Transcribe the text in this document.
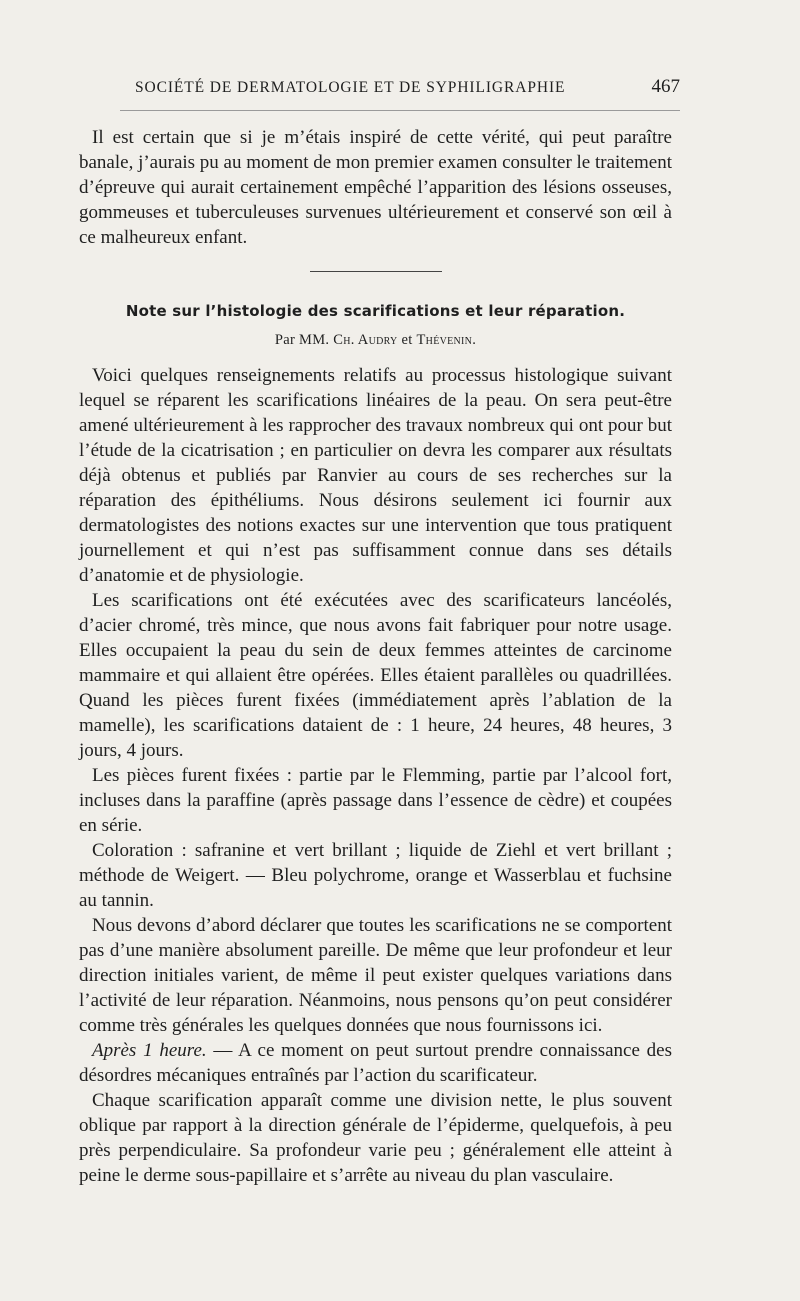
SOCIÉTÉ DE DERMATOLOGIE ET DE SYPHILIGRAPHIE	467

Il est certain que si je m’étais inspiré de cette vérité, qui peut paraître banale, j’aurais pu au moment de mon premier examen consulter le traitement d’épreuve qui aurait certainement empêché l’apparition des lésions osseuses, gommeuses et tuberculeuses survenues ultérieurement et conservé son œil à ce malheureux enfant.

Note sur l’histologie des scarifications et leur réparation.
Par MM. Ch. Audry et Thévenin.

Voici quelques renseignements relatifs au processus histologique suivant lequel se réparent les scarifications linéaires de la peau. On sera peut-être amené ultérieurement à les rapprocher des travaux nombreux qui ont pour but l’étude de la cicatrisation ; en particulier on devra les comparer aux résultats déjà obtenus et publiés par Ranvier au cours de ses recherches sur la réparation des épithéliums. Nous désirons seulement ici fournir aux dermatologistes des notions exactes sur une intervention que tous pratiquent journellement et qui n’est pas suffisamment connue dans ses détails d’anatomie et de physiologie.

Les scarifications ont été exécutées avec des scarificateurs lancéolés, d’acier chromé, très mince, que nous avons fait fabriquer pour notre usage. Elles occupaient la peau du sein de deux femmes atteintes de carcinome mammaire et qui allaient être opérées. Elles étaient parallèles ou quadrillées. Quand les pièces furent fixées (immédiatement après l’ablation de la mamelle), les scarifications dataient de : 1 heure, 24 heures, 48 heures, 3 jours, 4 jours.

Les pièces furent fixées : partie par le Flemming, partie par l’alcool fort, incluses dans la paraffine (après passage dans l’essence de cèdre) et coupées en série.

Coloration : safranine et vert brillant ; liquide de Ziehl et vert brillant ; méthode de Weigert. — Bleu polychrome, orange et Wasserblau et fuchsine au tannin.

Nous devons d’abord déclarer que toutes les scarifications ne se comportent pas d’une manière absolument pareille. De même que leur profondeur et leur direction initiales varient, de même il peut exister quelques variations dans l’activité de leur réparation. Néanmoins, nous pensons qu’on peut considérer comme très générales les quelques données que nous fournissons ici.

Après 1 heure. — A ce moment on peut surtout prendre connaissance des désordres mécaniques entraînés par l’action du scarificateur.

Chaque scarification apparaît comme une division nette, le plus souvent oblique par rapport à la direction générale de l’épiderme, quelquefois, à peu près perpendiculaire. Sa profondeur varie peu ; généralement elle atteint à peine le derme sous-papillaire et s’arrête au niveau du plan vasculaire.
